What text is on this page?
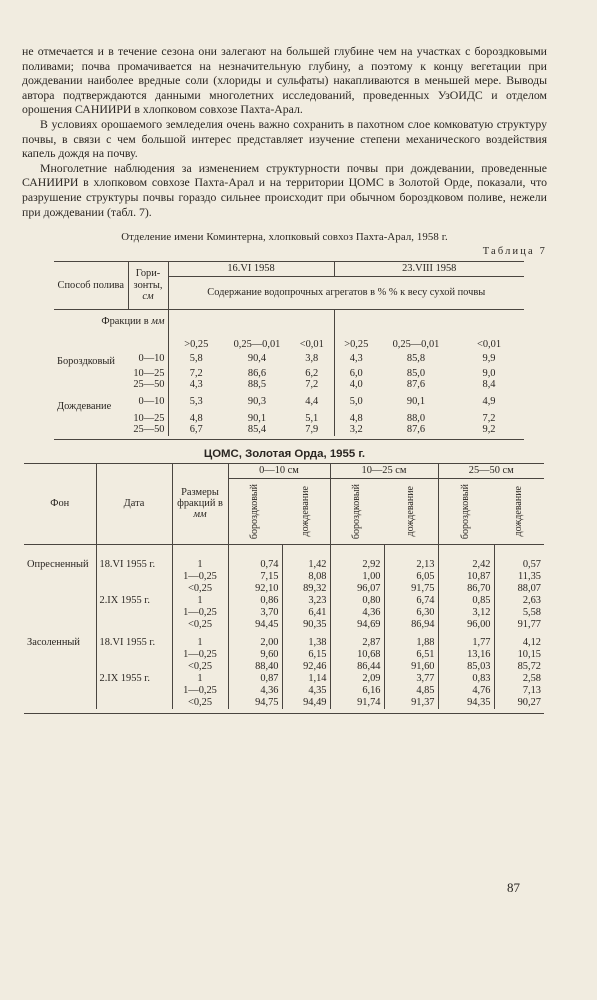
не отмечается и в течение сезона они залегают на большей глубине чем на участках с бороздковыми поливами; почва промачивается на незначительную глубину, а поэтому к концу вегетации при дождевании наиболее вредные соли (хлориды и сульфаты) накапливаются в меньшей мере. Выводы автора подтверждаются данными многолетних исследований, проведенных УзОИДС и отделом орошения САНИИРИ в хлопковом совхозе Пахта-Арал.

В условиях орошаемого земледелия очень важно сохранить в пахотном слое комковатую структуру почвы, в связи с чем большой интерес представляет изучение степени механического воздействия капель дождя на почву.

Многолетние наблюдения за изменением структурности почвы при дождевании, проведенные САНИИРИ в хлопковом совхозе Пахта-Арал и на территории ЦОМС в Золотой Орде, показали, что разрушение структуры почвы гораздо сильнее происходит при обычном бороздковом поливе, нежели при дождевании (табл. 7).

Отделение имени Коминтерна, хлопковый совхоз Пахта-Арал, 1958 г.
Таблица 7
Способ полива	Гори-зонты,
см	16.VI 1958			23.VIII 1958		
		Содержание водопрочных агрегатов в % % к весу сухой почвы					
Фракции в мм		>0,25	0,25—0,01	<0,01	>0,25	0,25—0,01	<0,01
Бороздковый	0—10	5,8	90,4	3,8	4,3	85,8	9,9
	10—25	7,2	86,6	6,2	6,0	85,0	9,0
	25—50	4,3	88,5	7,2	4,0	87,6	8,4
Дождевание	0—10	5,3	90,3	4,4	5,0	90,1	4,9
	10—25	4,8	90,1	5,1	4,8	88,0	7,2
	25—50	6,7	85,4	7,9	3,2	87,6	9,2

ЦОМС, Золотая Орда, 1955 г.
Фон	Дата	Размеры фракций в мм	0—10 см		10—25 см		25—50 см	

			бороздковый	дождевание	бороздковый	дождевание	бороздковый	дождевание

Опресненный	18.VI 1955 г.	1	0,74	1,42	2,92	2,13	2,42	0,57
		1—0,25	7,15	8,08	1,00	6,05	10,87	11,35
		<0,25	92,10	89,32	96,07	91,75	86,70	88,07
	2.IX 1955 г.	1	0,86	3,23	0,80	6,74	0,85	2,63
		1—0,25	3,70	6,41	4,36	6,30	3,12	5,58
		<0,25	94,45	90,35	94,69	86,94	96,00	91,77
Засоленный	18.VI 1955 г.	1	2,00	1,38	2,87	1,88	1,77	4,12
		1—0,25	9,60	6,15	10,68	6,51	13,16	10,15
		<0,25	88,40	92,46	86,44	91,60	85,03	85,72
	2.IX 1955 г.	1	0,87	1,14	2,09	3,77	0,83	2,58
		1—0,25	4,36	4,35	6,16	4,85	4,76	7,13
		<0,25	94,75	94,49	91,74	91,37	94,35	90,27

87
